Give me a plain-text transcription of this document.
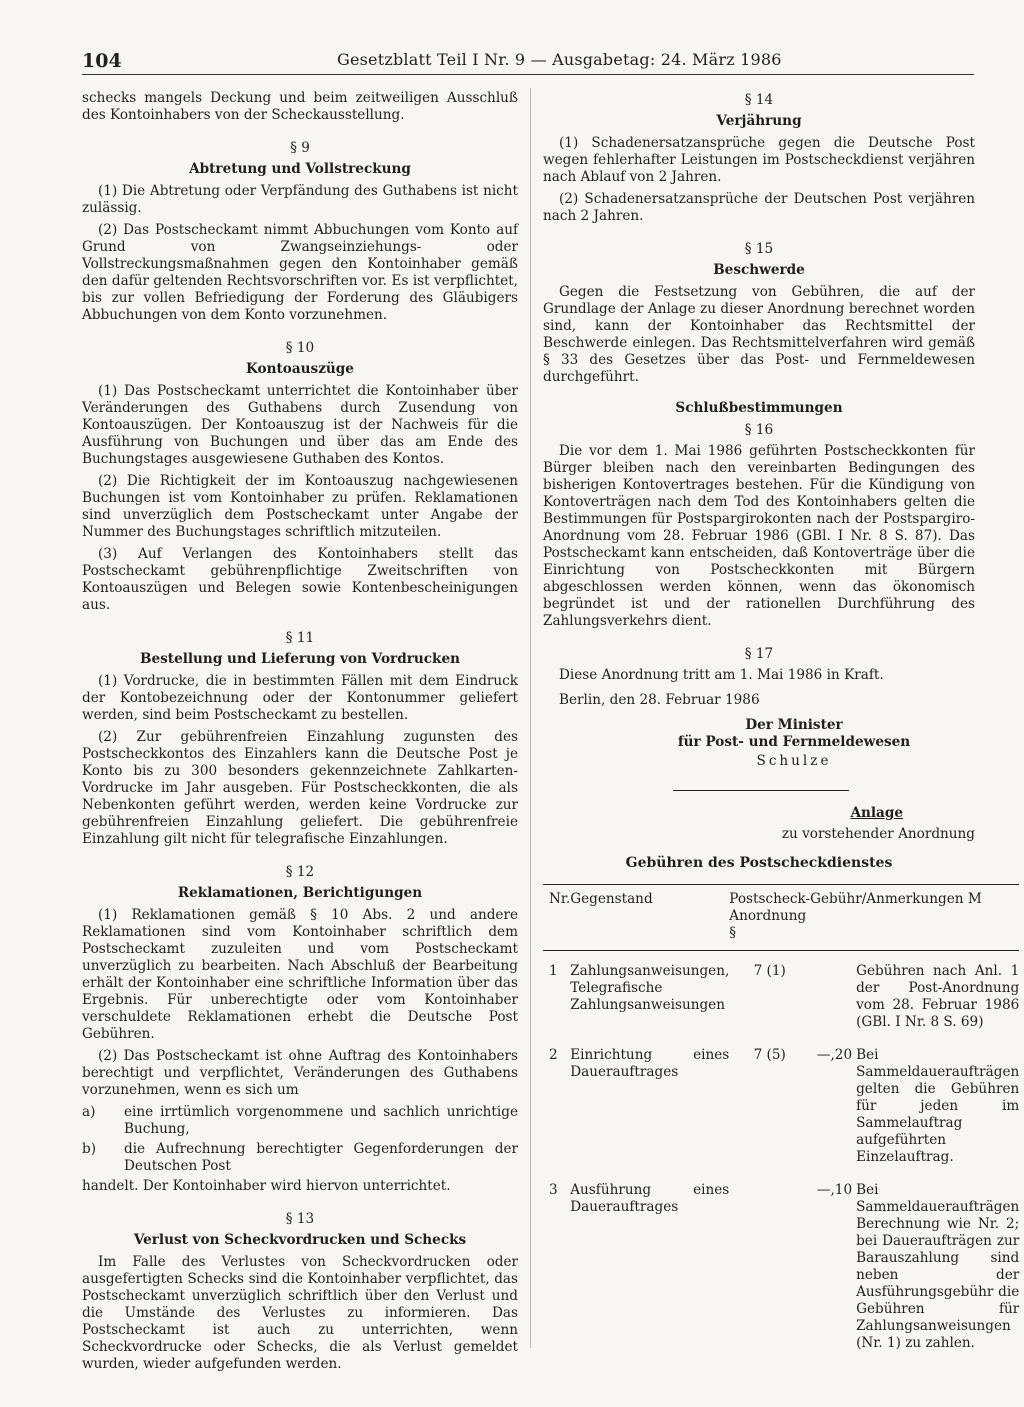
104	Gesetzblatt Teil I Nr. 9 — Ausgabetag: 24. März 1986

schecks mangels Deckung und beim zeitweiligen Ausschluß des Kontoinhabers von der Scheckausstellung.

§ 9
Abtretung und Vollstreckung

(1) Die Abtretung oder Verpfändung des Guthabens ist nicht zulässig.

(2) Das Postscheckamt nimmt Abbuchungen vom Konto auf Grund von Zwangseinziehungs- oder Vollstreckungsmaßnahmen gegen den Kontoinhaber gemäß den dafür geltenden Rechtsvorschriften vor. Es ist verpflichtet, bis zur vollen Befriedigung der Forderung des Gläubigers Abbuchungen von dem Konto vorzunehmen.

§ 10
Kontoauszüge

(1) Das Postscheckamt unterrichtet die Kontoinhaber über Veränderungen des Guthabens durch Zusendung von Kontoauszügen. Der Kontoauszug ist der Nachweis für die Ausführung von Buchungen und über das am Ende des Buchungstages ausgewiesene Guthaben des Kontos.

(2) Die Richtigkeit der im Kontoauszug nachgewiesenen Buchungen ist vom Kontoinhaber zu prüfen. Reklamationen sind unverzüglich dem Postscheckamt unter Angabe der Nummer des Buchungstages schriftlich mitzuteilen.

(3) Auf Verlangen des Kontoinhabers stellt das Postscheckamt gebührenpflichtige Zweitschriften von Kontoauszügen und Belegen sowie Kontenbescheinigungen aus.

§ 11
Bestellung und Lieferung von Vordrucken

(1) Vordrucke, die in bestimmten Fällen mit dem Eindruck der Kontobezeichnung oder der Kontonummer geliefert werden, sind beim Postscheckamt zu bestellen.

(2) Zur gebührenfreien Einzahlung zugunsten des Postscheckkontos des Einzahlers kann die Deutsche Post je Konto bis zu 300 besonders gekennzeichnete Zahlkarten-Vordrucke im Jahr ausgeben. Für Postscheckkonten, die als Nebenkonten geführt werden, werden keine Vordrucke zur gebührenfreien Einzahlung geliefert. Die gebührenfreie Einzahlung gilt nicht für telegrafische Einzahlungen.

§ 12
Reklamationen, Berichtigungen

(1) Reklamationen gemäß § 10 Abs. 2 und andere Reklamationen sind vom Kontoinhaber schriftlich dem Postscheckamt zuzuleiten und vom Postscheckamt unverzüglich zu bearbeiten. Nach Abschluß der Bearbeitung erhält der Kontoinhaber eine schriftliche Information über das Ergebnis. Für unberechtigte oder vom Kontoinhaber verschuldete Reklamationen erhebt die Deutsche Post Gebühren.

(2) Das Postscheckamt ist ohne Auftrag des Kontoinhabers berechtigt und verpflichtet, Veränderungen des Guthabens vorzunehmen, wenn es sich um

a)	eine irrtümlich vorgenommene und sachlich unrichtige Buchung,
b)	die Aufrechnung berechtigter Gegenforderungen der Deutschen Post

handelt. Der Kontoinhaber wird hiervon unterrichtet.

§ 13
Verlust von Scheckvordrucken und Schecks

Im Falle des Verlustes von Scheckvordrucken oder ausgefertigten Schecks sind die Kontoinhaber verpflichtet, das Postscheckamt unverzüglich schriftlich über den Verlust und die Umstände des Verlustes zu informieren. Das Postscheckamt ist auch zu unterrichten, wenn Scheckvordrucke oder Schecks, die als Verlust gemeldet wurden, wieder aufgefunden werden.

§ 14
Verjährung

(1) Schadenersatzansprüche gegen die Deutsche Post wegen fehlerhafter Leistungen im Postscheckdienst verjähren nach Ablauf von 2 Jahren.

(2) Schadenersatzansprüche der Deutschen Post verjähren nach 2 Jahren.

§ 15
Beschwerde

Gegen die Festsetzung von Gebühren, die auf der Grundlage der Anlage zu dieser Anordnung berechnet worden sind, kann der Kontoinhaber das Rechtsmittel der Beschwerde einlegen. Das Rechtsmittelverfahren wird gemäß § 33 des Gesetzes über das Post- und Fernmeldewesen durchgeführt.

Schlußbestimmungen
§ 16

Die vor dem 1. Mai 1986 geführten Postscheckkonten für Bürger bleiben nach den vereinbarten Bedingungen des bisherigen Kontovertrages bestehen. Für die Kündigung von Kontoverträgen nach dem Tod des Kontoinhabers gelten die Bestimmungen für Postspargirokonten nach der Postspargiro-Anordnung vom 28. Februar 1986 (GBl. I Nr. 8 S. 87). Das Postscheckamt kann entscheiden, daß Kontoverträge über die Einrichtung von Postscheckkonten mit Bürgern abgeschlossen werden können, wenn das ökonomisch begründet ist und der rationellen Durchführung des Zahlungsverkehrs dient.

§ 17

Diese Anordnung tritt am 1. Mai 1986 in Kraft.

Berlin, den 28. Februar 1986

Der Minister
für Post- und Fernmeldewesen
Schulze
Anlage
zu vorstehender Anordnung
Gebühren des Postscheckdienstes
Nr.	Gegenstand	Postscheck-Anordnung §	Gebühr/Anmerkungen M
1	Zahlungsanweisungen, Telegrafische Zahlungsanweisungen	7 (1)	Gebühren nach Anl. 1 der Post-Anordnung vom 28. Februar 1986 (GBl. I Nr. 8 S. 69)

2	Einrichtung eines Dauerauftrages	7 (5)	—,20 Bei Sammeldaueraufträgen gelten die Gebühren für jeden im Sammelauftrag aufgeführten Einzelauftrag.

3	Ausführung eines Dauerauftrages		—,10 Bei Sammeldaueraufträgen Berechnung wie Nr. 2; bei Daueraufträgen zur Barauszahlung sind neben der Ausführungsgebühr die Gebühren für Zahlungsanweisungen (Nr. 1) zu zahlen.
